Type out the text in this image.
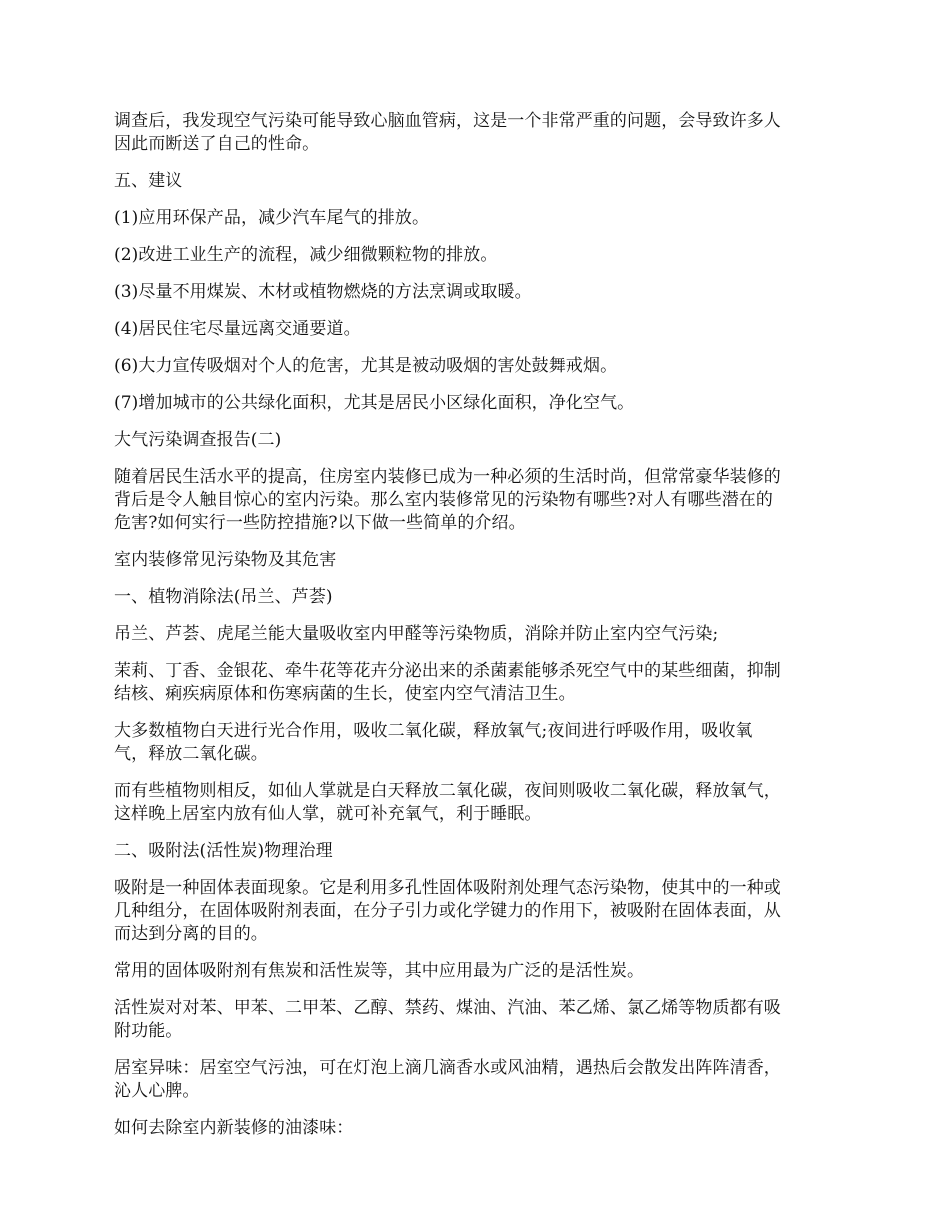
调查后，我发现空气污染可能导致心脑血管病，这是一个非常严重的问题，会导致许多人
因此而断送了自己的性命。

五、建议

(1)应用环保产品，减少汽车尾气的排放。

(2)改进工业生产的流程，减少细微颗粒物的排放。

(3)尽量不用煤炭、木材或植物燃烧的方法烹调或取暖。

(4)居民住宅尽量远离交通要道。

(6)大力宣传吸烟对个人的危害，尤其是被动吸烟的害处鼓舞戒烟。

(7)增加城市的公共绿化面积，尤其是居民小区绿化面积，净化空气。

大气污染调查报告(二)

随着居民生活水平的提高，住房室内装修已成为一种必须的生活时尚，但常常豪华装修的
背后是令人触目惊心的室内污染。那么室内装修常见的污染物有哪些?对人有哪些潜在的
危害?如何实行一些防控措施?以下做一些简单的介绍。

室内装修常见污染物及其危害

一、植物消除法(吊兰、芦荟)

吊兰、芦荟、虎尾兰能大量吸收室内甲醛等污染物质，消除并防止室内空气污染;

茉莉、丁香、金银花、牵牛花等花卉分泌出来的杀菌素能够杀死空气中的某些细菌，抑制
结核、痢疾病原体和伤寒病菌的生长，使室内空气清洁卫生。

大多数植物白天进行光合作用，吸收二氧化碳，释放氧气;夜间进行呼吸作用，吸收氧
气，释放二氧化碳。

而有些植物则相反，如仙人掌就是白天释放二氧化碳，夜间则吸收二氧化碳，释放氧气，
这样晚上居室内放有仙人掌，就可补充氧气，利于睡眠。

二、吸附法(活性炭)物理治理

吸附是一种固体表面现象。它是利用多孔性固体吸附剂处理气态污染物，使其中的一种或
几种组分，在固体吸附剂表面，在分子引力或化学键力的作用下，被吸附在固体表面，从
而达到分离的目的。

常用的固体吸附剂有焦炭和活性炭等，其中应用最为广泛的是活性炭。

活性炭对对苯、甲苯、二甲苯、乙醇、禁药、煤油、汽油、苯乙烯、氯乙烯等物质都有吸
附功能。

居室异味：居室空气污浊，可在灯泡上滴几滴香水或风油精，遇热后会散发出阵阵清香，
沁人心脾。

如何去除室内新装修的油漆味：
